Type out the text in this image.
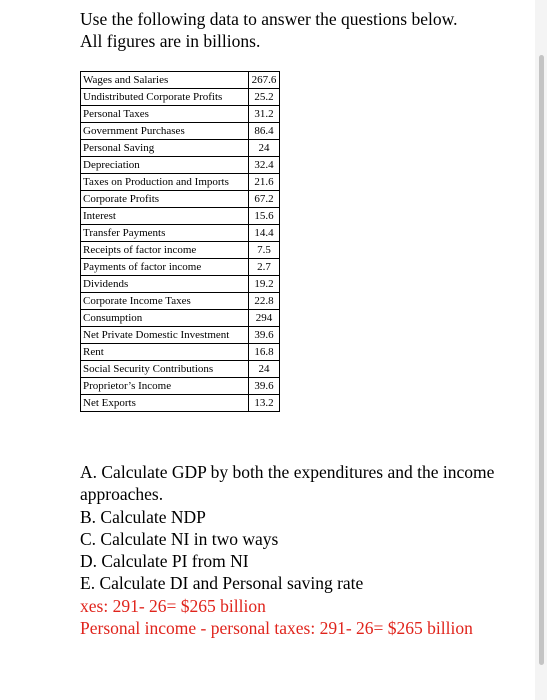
Use the following data to answer the questions below. All figures are in billions.
Wages and Salaries	267.6
Undistributed Corporate Profits	25.2
Personal Taxes	31.2
Government Purchases	86.4
Personal Saving	24
Depreciation	32.4
Taxes on Production and Imports	21.6
Corporate Profits	67.2
Interest	15.6
Transfer Payments	14.4
Receipts of factor income	7.5
Payments of factor income	2.7
Dividends	19.2
Corporate Income Taxes	22.8
Consumption	294
Net Private Domestic Investment	39.6
Rent	16.8
Social Security Contributions	24
Proprietor’s Income	39.6
Net Exports	13.2

A. Calculate GDP by both the expenditures and the income approaches.

B. Calculate NDP

C. Calculate NI in two ways

D. Calculate PI from NI

E. Calculate DI and Personal saving rate

xes: 291- 26= $265 billion

Personal income - personal taxes: 291- 26= $265 billion
